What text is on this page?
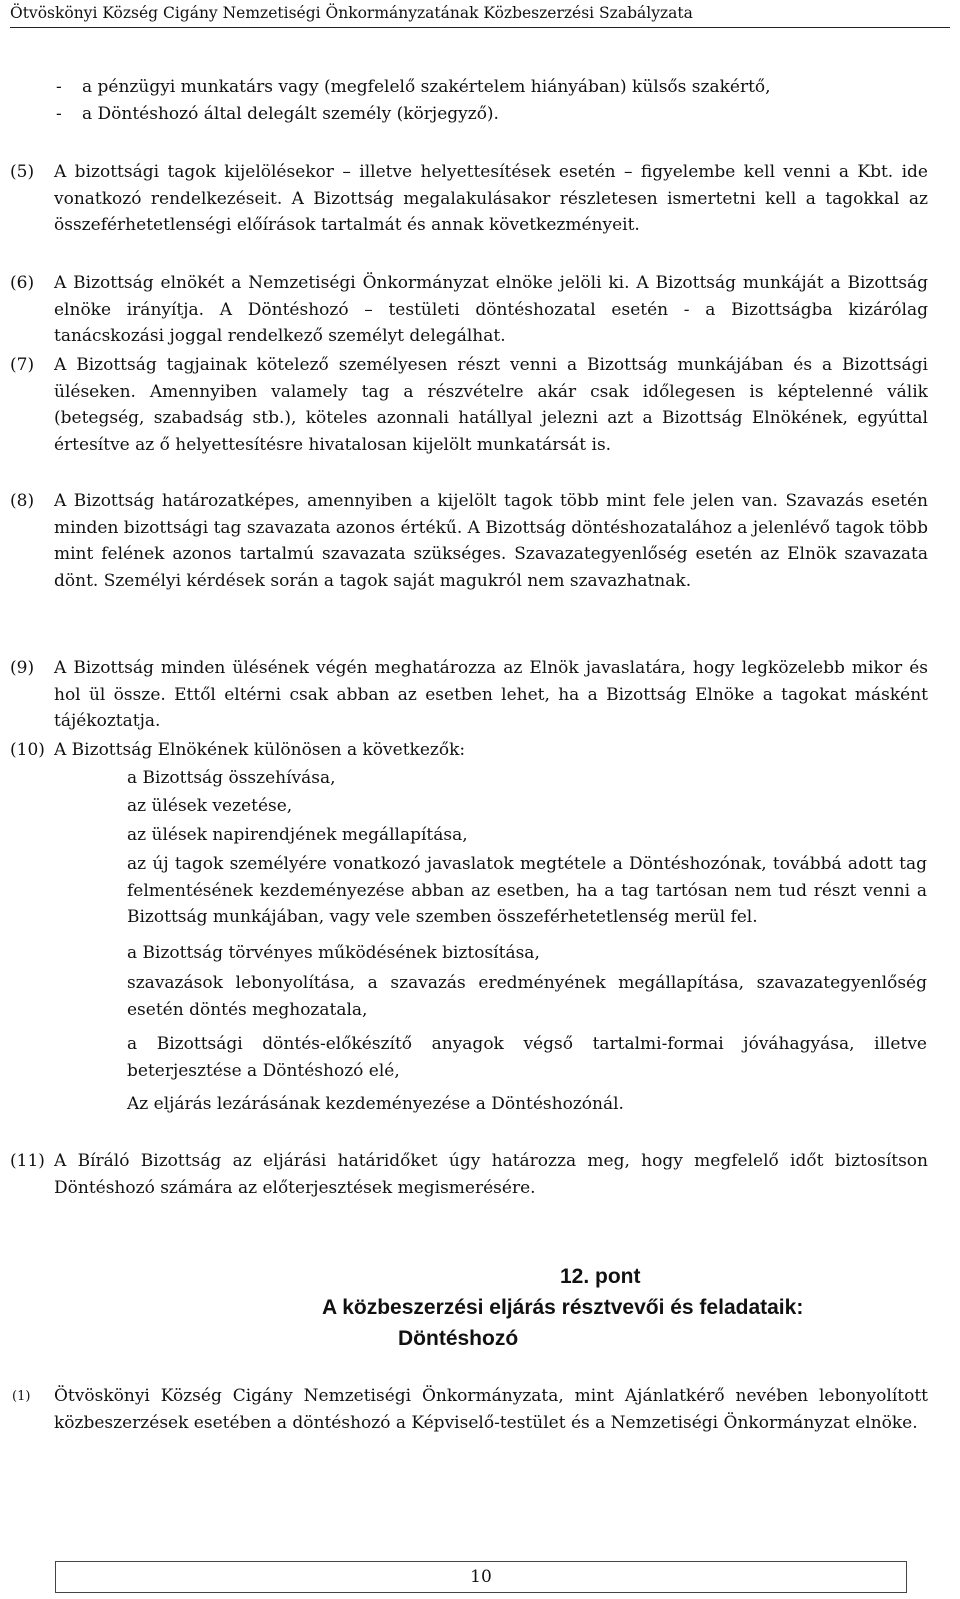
Ötvöskönyi Község Cigány Nemzetiségi Önkormányzatának Közbeszerzési Szabályzata
- a pénzügyi munkatárs vagy (megfelelő szakértelem hiányában) külsős szakértő,
- a Döntéshozó által delegált személy (körjegyző).
(5) A bizottsági tagok kijelölésekor – illetve helyettesítések esetén – figyelembe kell venni a Kbt. ide vonatkozó rendelkezéseit. A Bizottság megalakulásakor részletesen ismertetni kell a tagokkal az összeférhetetlenségi előírások tartalmát és annak következményeit.
(6) A Bizottság elnökét a Nemzetiségi Önkormányzat elnöke jelöli ki. A Bizottság munkáját a Bizottság elnöke irányítja. A Döntéshozó – testületi döntéshozatal esetén - a Bizottságba kizárólag tanácskozási joggal rendelkező személyt delegálhat.
(7) A Bizottság tagjainak kötelező személyesen részt venni a Bizottság munkájában és a Bizottsági üléseken. Amennyiben valamely tag a részvételre akár csak időlegesen is képtelenné válik (betegség, szabadság stb.), köteles azonnali hatállyal jelezni azt a Bizottság Elnökének, egyúttal értesítve az ő helyettesítésre hivatalosan kijelölt munkatársát is.
(8) A Bizottság határozatképes, amennyiben a kijelölt tagok több mint fele jelen van. Szavazás esetén minden bizottsági tag szavazata azonos értékű. A Bizottság döntéshozatalához a jelenlévő tagok több mint felének azonos tartalmú szavazata szükséges. Szavazategyenlőség esetén az Elnök szavazata dönt. Személyi kérdések során a tagok saját magukról nem szavazhatnak.
(9) A Bizottság minden ülésének végén meghatározza az Elnök javaslatára, hogy legközelebb mikor és hol ül össze. Ettől eltérni csak abban az esetben lehet, ha a Bizottság Elnöke a tagokat másként tájékoztatja.
(10) A Bizottság Elnökének különösen a következők:
a Bizottság összehívása,
az ülések vezetése,
az ülések napirendjének megállapítása,
az új tagok személyére vonatkozó javaslatok megtétele a Döntéshozónak, továbbá adott tag felmentésének kezdeményezése abban az esetben, ha a tag tartósan nem tud részt venni a Bizottság munkájában, vagy vele szemben összeférhetetlenség merül fel.
a Bizottság törvényes működésének biztosítása,
szavazások lebonyolítása, a szavazás eredményének megállapítása, szavazategyenlőség esetén döntés meghozatala,
a Bizottsági döntés-előkészítő anyagok végső tartalmi-formai jóváhagyása, illetve beterjesztése a Döntéshozó elé,
Az eljárás lezárásának kezdeményezése a Döntéshozónál.
(11) A Bíráló Bizottság az eljárási határidőket úgy határozza meg, hogy megfelelő időt biztosítson Döntéshozó számára az előterjesztések megismerésére.
12. pont
A közbeszerzési eljárás résztvevői és feladataik:
Döntéshozó
(1) Ötvöskönyi Község Cigány Nemzetiségi Önkormányzata, mint Ajánlatkérő nevében lebonyolított közbeszerzések esetében a döntéshozó a Képviselő-testület és a Nemzetiségi Önkormányzat elnöke.
10
